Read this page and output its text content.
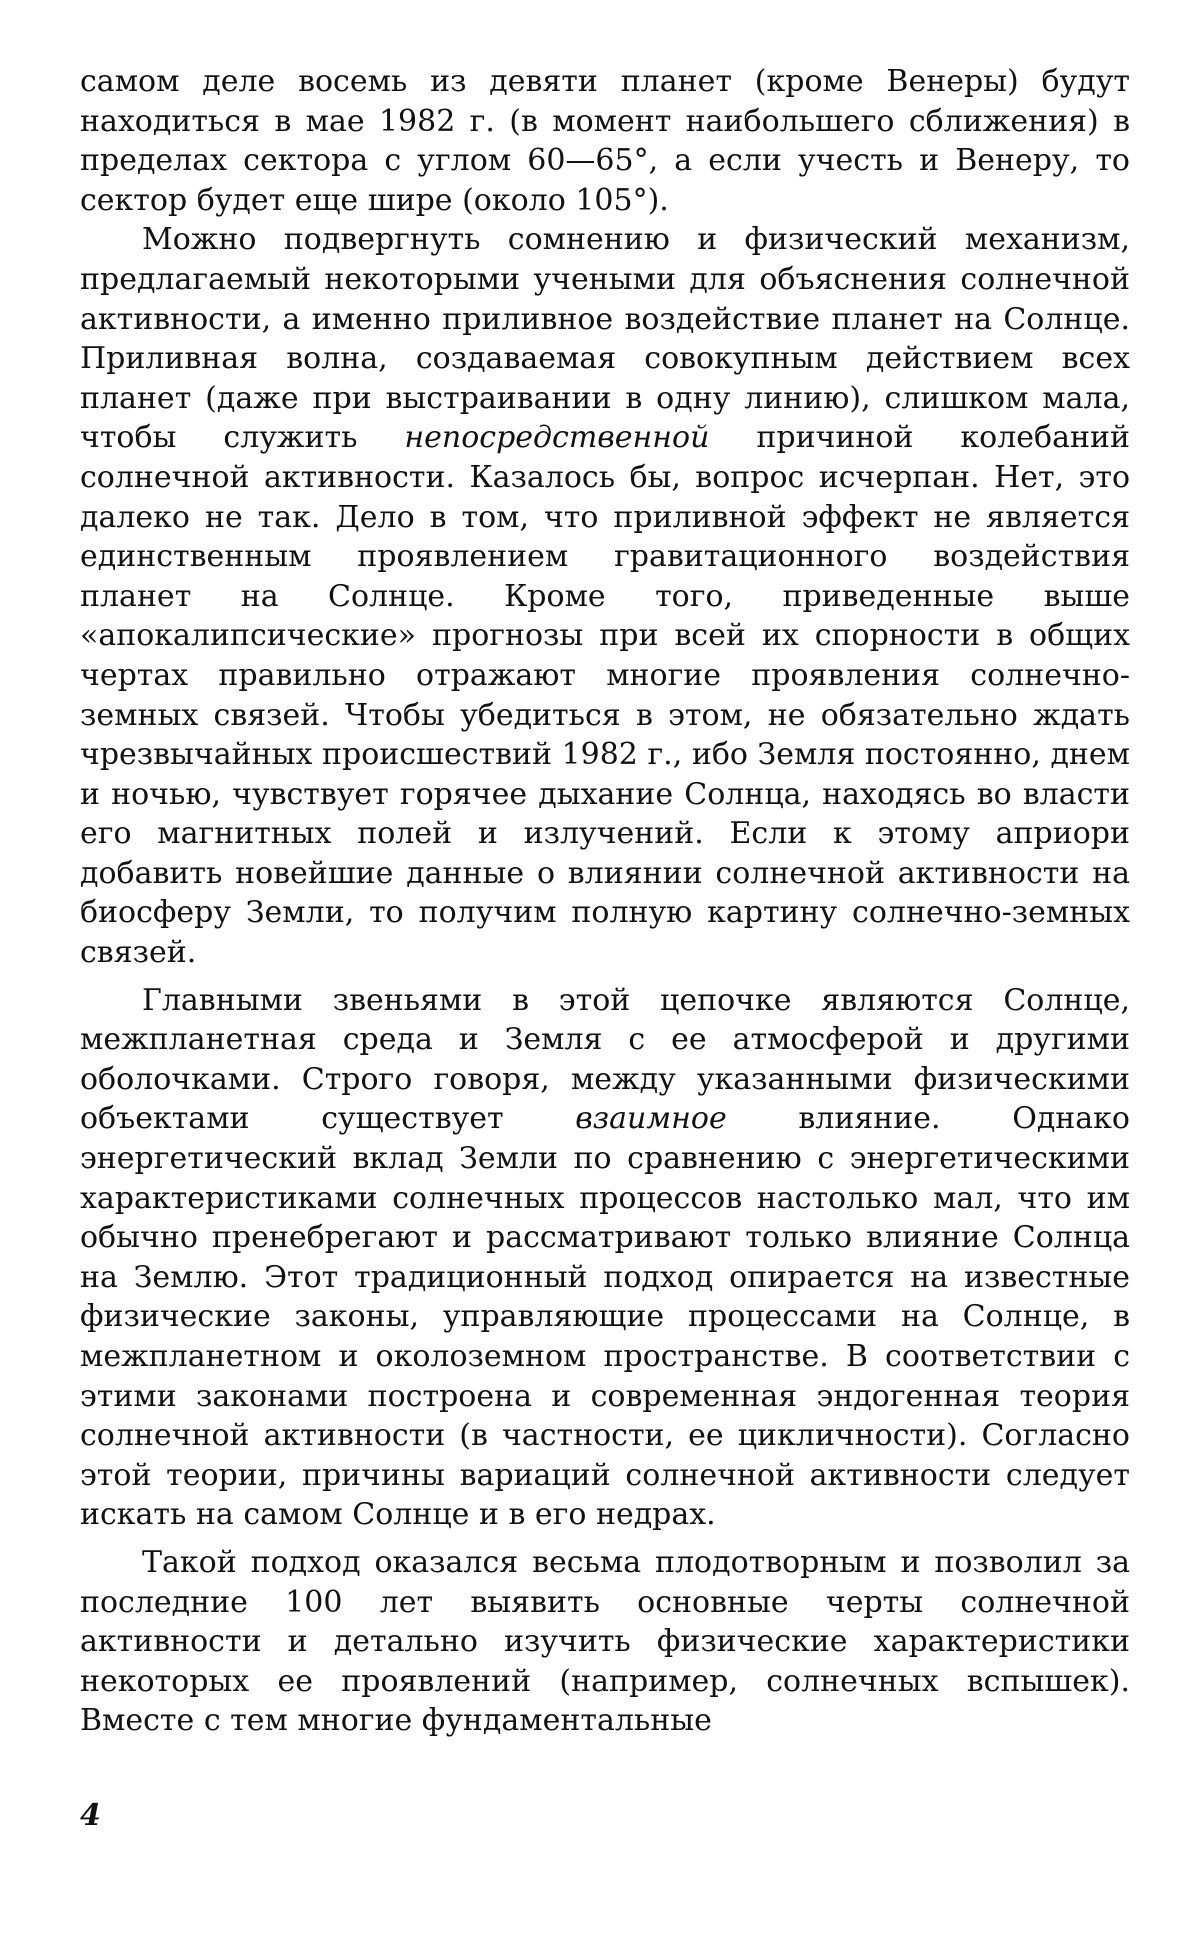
самом деле восемь из девяти планет (кроме Венеры) будут находиться в мае 1982 г. (в момент наибольшего сближения) в пределах сектора с углом 60—65°, а если учесть и Венеру, то сектор будет еще шире (около 105°).

Можно подвергнуть сомнению и физический механизм, предлагаемый некоторыми учеными для объяснения солнечной активности, а именно приливное воздействие планет на Солнце. Приливная волна, создаваемая совокупным действием всех планет (даже при выстраивании в одну линию), слишком мала, чтобы служить непосредственной причиной колебаний солнечной активности. Казалось бы, вопрос исчерпан. Нет, это далеко не так. Дело в том, что приливной эффект не является единственным проявлением гравитационного воздействия планет на Солнце. Кроме того, приведенные выше «апокалипсические» прогнозы при всей их спорности в общих чертах правильно отражают многие проявления солнечно-земных связей. Чтобы убедиться в этом, не обязательно ждать чрезвычайных происшествий 1982 г., ибо Земля постоянно, днем и ночью, чувствует горячее дыхание Солнца, находясь во власти его магнитных полей и излучений. Если к этому априори добавить новейшие данные о влиянии солнечной активности на биосферу Земли, то получим полную картину солнечно-земных связей.

Главными звеньями в этой цепочке являются Солнце, межпланетная среда и Земля с ее атмосферой и другими оболочками. Строго говоря, между указанными физическими объектами существует взаимное влияние. Однако энергетический вклад Земли по сравнению с энергетическими характеристиками солнечных процессов настолько мал, что им обычно пренебрегают и рассматривают только влияние Солнца на Землю. Этот традиционный подход опирается на известные физические законы, управляющие процессами на Солнце, в межпланетном и околоземном пространстве. В соответствии с этими законами построена и современная эндогенная теория солнечной активности (в частности, ее цикличности). Согласно этой теории, причины вариаций солнечной активности следует искать на самом Солнце и в его недрах.

Такой подход оказался весьма плодотворным и позволил за последние 100 лет выявить основные черты солнечной активности и детально изучить физические характеристики некоторых ее проявлений (например, солнечных вспышек). Вместе с тем многие фундаментальные

4
